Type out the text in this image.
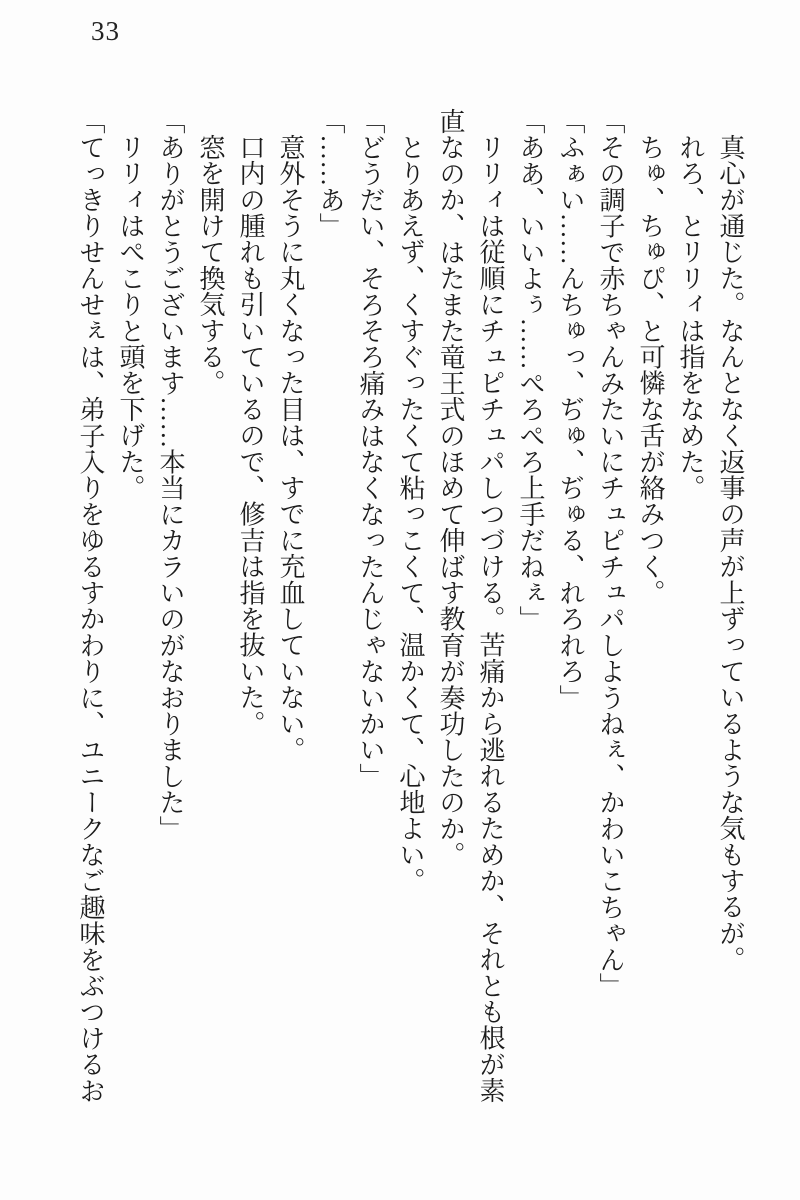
33

真心が通じた。なんとなく返事の声が上ずっているような気もするが。

れろ、とリリィは指をなめた。

ちゅ、ちゅぴ、と可憐な舌が絡みつく。

「その調子で赤ちゃんみたいにチュピチュパしようねぇ、かわいこちゃん」

「ふぁい……んちゅっ、ぢゅ、ぢゅる、れろれろ」

「ああ、いいよぅ……ぺろぺろ上手だねぇ」

リリィは従順にチュピチュパしつづける。苦痛から逃れるためか、それとも根が素直なのか、はたまた竜王式のほめて伸ばす教育が奏功したのか。

とりあえず、くすぐったくて粘っこくて、温かくて、心地よい。

「どうだい、そろそろ痛みはなくなったんじゃないかい」

「……あ」

意外そうに丸くなった目は、すでに充血していない。

口内の腫れも引いているので、修吉は指を抜いた。

窓を開けて換気する。

「ありがとうございます……本当にカラいのがなおりました」

リリィはぺこりと頭を下げた。

「てっきりせんせぇは、弟子入りをゆるすかわりに、ユニークなご趣味をぶつけるお
